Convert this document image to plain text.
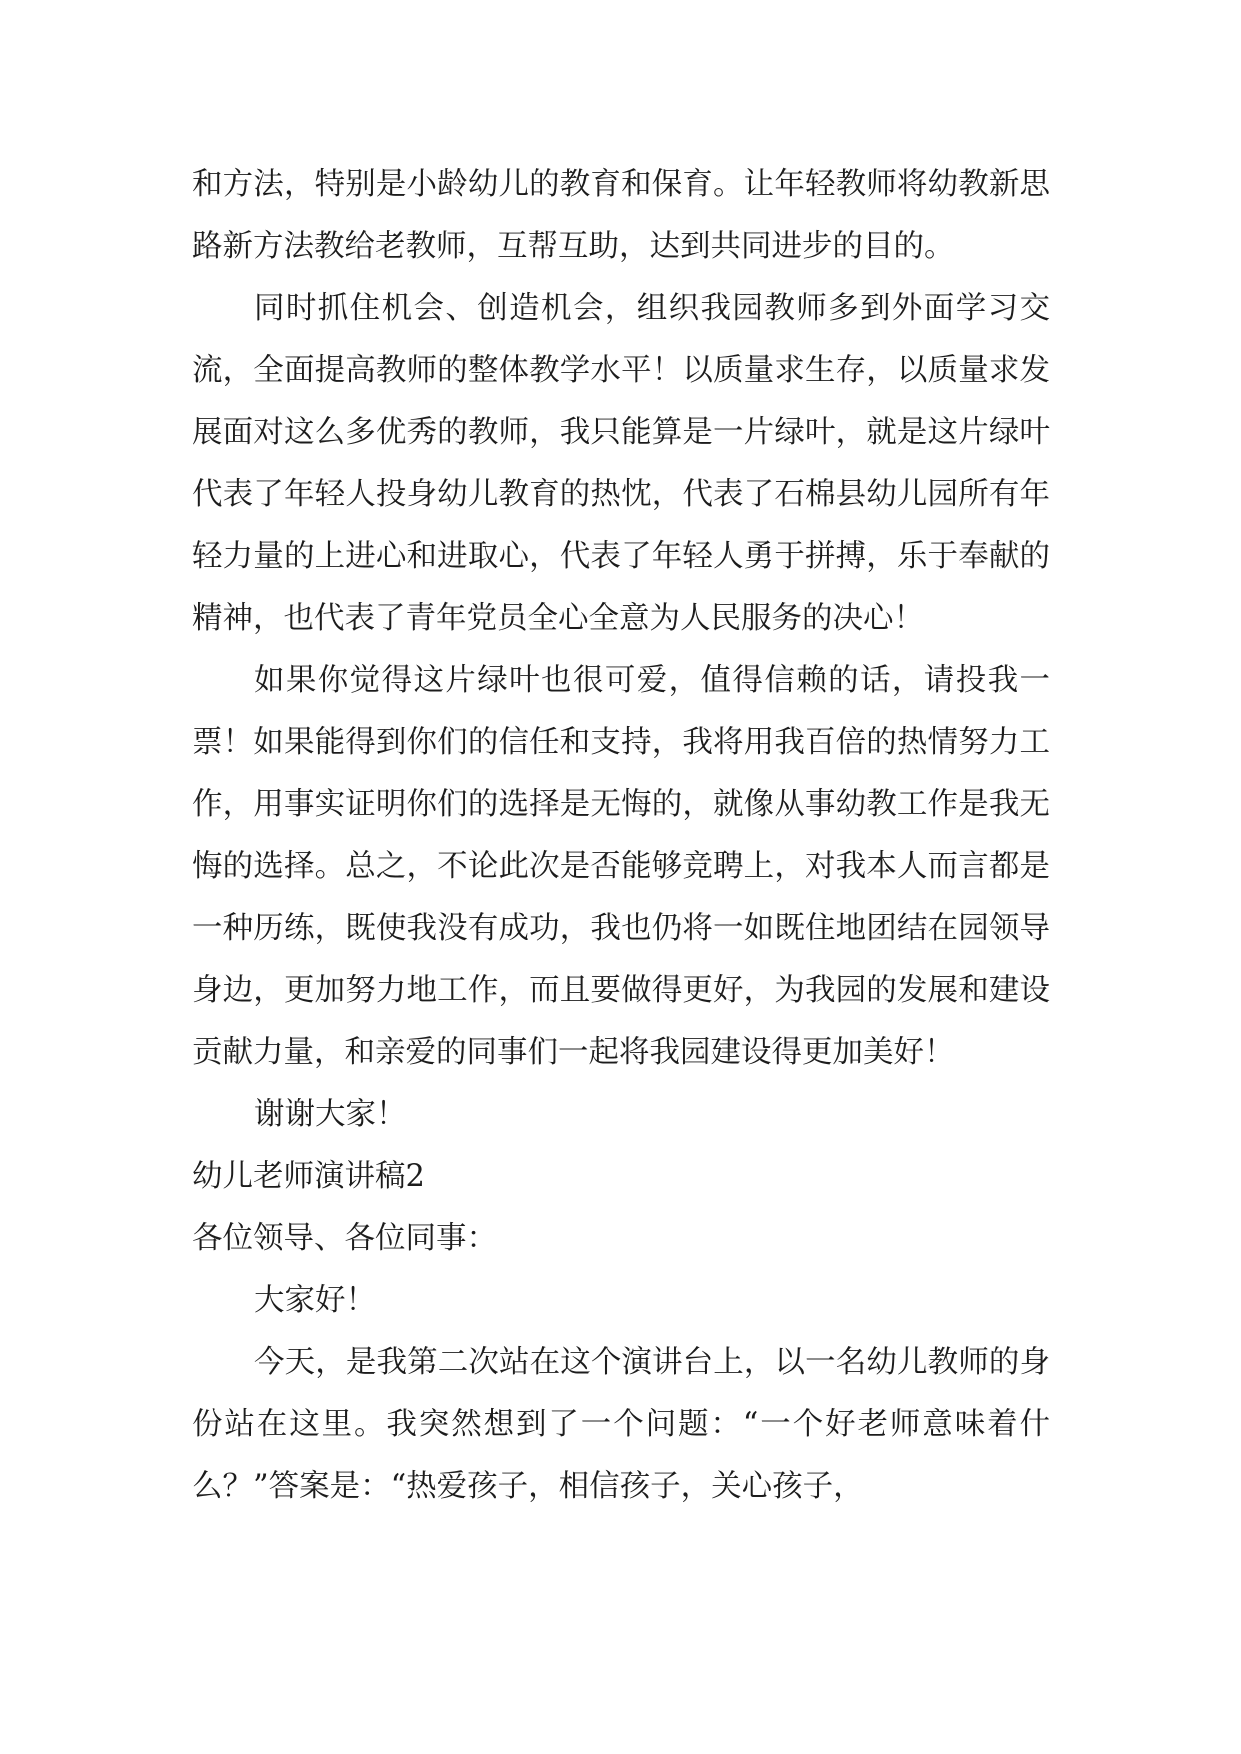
和方法，特别是小龄幼儿的教育和保育。让年轻教师将幼教新思路新方法教给老教师，互帮互助，达到共同进步的目的。

同时抓住机会、创造机会，组织我园教师多到外面学习交流，全面提高教师的整体教学水平！以质量求生存，以质量求发展面对这么多优秀的教师，我只能算是一片绿叶，就是这片绿叶代表了年轻人投身幼儿教育的热忱，代表了石棉县幼儿园所有年轻力量的上进心和进取心，代表了年轻人勇于拼搏，乐于奉献的精神，也代表了青年党员全心全意为人民服务的决心！

如果你觉得这片绿叶也很可爱，值得信赖的话，请投我一票！如果能得到你们的信任和支持，我将用我百倍的热情努力工作，用事实证明你们的选择是无悔的，就像从事幼教工作是我无悔的选择。总之，不论此次是否能够竞聘上，对我本人而言都是一种历练，既使我没有成功，我也仍将一如既住地团结在园领导身边，更加努力地工作，而且要做得更好，为我园的发展和建设贡献力量，和亲爱的同事们一起将我园建设得更加美好！

谢谢大家！

幼儿老师演讲稿2

各位领导、各位同事：

大家好！

今天，是我第二次站在这个演讲台上，以一名幼儿教师的身份站在这里。我突然想到了一个问题：“一个好老师意味着什么？”答案是：“热爱孩子，相信孩子，关心孩子，
